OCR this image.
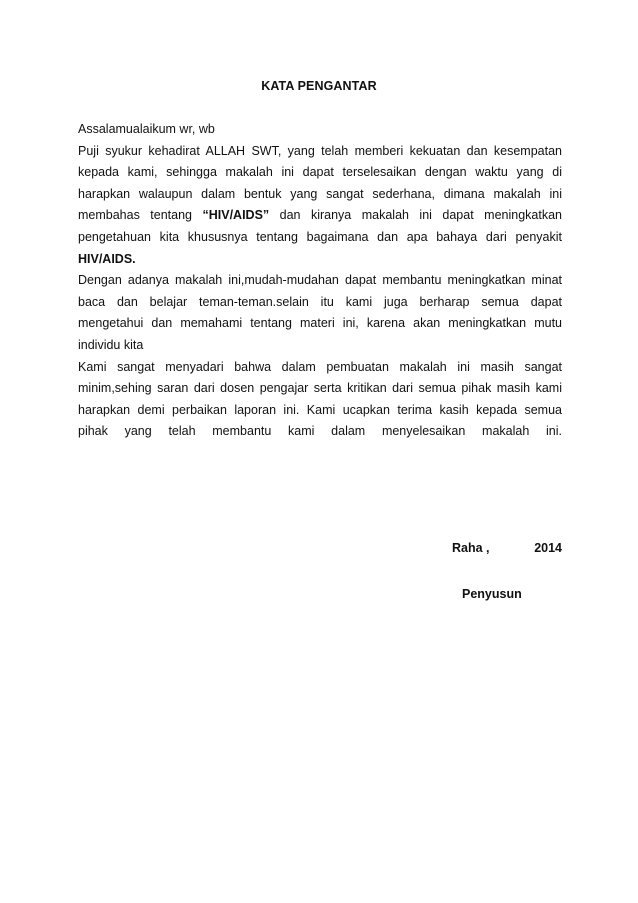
KATA PENGANTAR
Assalamualaikum wr, wb
Puji syukur kehadirat ALLAH SWT, yang telah memberi kekuatan dan kesempatan
kepada kami, sehingga makalah ini dapat terselesaikan dengan waktu yang di
harapkan walaupun dalam bentuk yang sangat sederhana, dimana makalah ini
membahas tentang “HIV/AIDS” dan kiranya makalah ini dapat meningkatkan
pengetahuan kita khususnya tentang bagaimana dan apa bahaya dari penyakit
HIV/AIDS.
Dengan adanya makalah ini,mudah-mudahan dapat membantu meningkatkan minat
baca dan belajar teman-teman.selain itu kami juga berharap semua dapat
mengetahui dan memahami tentang materi ini, karena akan meningkatkan mutu
individu kita
Kami sangat menyadari bahwa dalam pembuatan makalah ini masih sangat
minim,sehing saran dari dosen pengajar serta kritikan dari semua pihak masih kami
harapkan demi perbaikan laporan ini. Kami ucapkan terima kasih kepada semua
pihak yang telah membantu kami dalam menyelesaikan makalah ini.
Raha ,	2014
Penyusun
